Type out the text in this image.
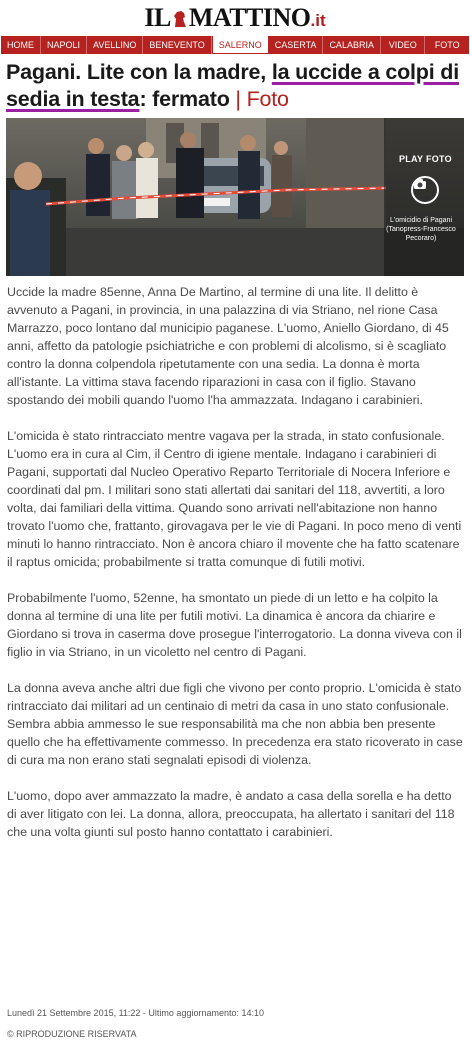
IL MATTINO .it
HOME	NAPOLI	AVELLINO	BENEVENTO	SALERNO	CASERTA	CALABRIA	VIDEO	FOTO
Pagani. Lite con la madre, la uccide a colpi di sedia in testa: fermato | Foto
PLAY FOTO
L'omicidio di Pagani (Tanopress-Francesco Pecoraro)

Uccide la madre 85enne, Anna De Martino, al termine di una lite. Il delitto è avvenuto a Pagani, in provincia, in una palazzina di via Striano, nel rione Casa Marrazzo, poco lontano dal municipio paganese. L'uomo, Aniello Giordano, di 45 anni, affetto da patologie psichiatriche e con problemi di alcolismo, si è scagliato contro la donna colpendola ripetutamente con una sedia. La donna è morta all'istante. La vittima stava facendo riparazioni in casa con il figlio. Stavano spostando dei mobili quando l'uomo l'ha ammazzata. Indagano i carabinieri.

L'omicida è stato rintracciato mentre vagava per la strada, in stato confusionale. L'uomo era in cura al Cim, il Centro di igiene mentale. Indagano i carabinieri di Pagani, supportati dal Nucleo Operativo Reparto Territoriale di Nocera Inferiore e coordinati dal pm. I militari sono stati allertati dai sanitari del 118, avvertiti, a loro volta, dai familiari della vittima. Quando sono arrivati nell'abitazione non hanno trovato l'uomo che, frattanto, girovagava per le vie di Pagani. In poco meno di venti minuti lo hanno rintracciato. Non è ancora chiaro il movente che ha fatto scatenare il raptus omicida; probabilmente si tratta comunque di futili motivi.

Probabilmente l'uomo, 52enne, ha smontato un piede di un letto e ha colpito la donna al termine di una lite per futili motivi. La dinamica è ancora da chiarire e Giordano si trova in caserma dove prosegue l'interrogatorio. La donna viveva con il figlio in via Striano, in un vicoletto nel centro di Pagani.

La donna aveva anche altri due figli che vivono per conto proprio. L'omicida è stato rintracciato dai militari ad un centinaio di metri da casa in uno stato confusionale. Sembra abbia ammesso le sue responsabilità ma che non abbia ben presente quello che ha effettivamente commesso. In precedenza era stato ricoverato in case di cura ma non erano stati segnalati episodi di violenza.

L'uomo, dopo aver ammazzato la madre, è andato a casa della sorella e ha detto di aver litigato con lei. La donna, allora, preoccupata, ha allertato i sanitari del 118 che una volta giunti sul posto hanno contattato i carabinieri.

Lunedì 21 Settembre 2015, 11:22 - Ultimo aggiornamento: 14:10
© RIPRODUZIONE RISERVATA
